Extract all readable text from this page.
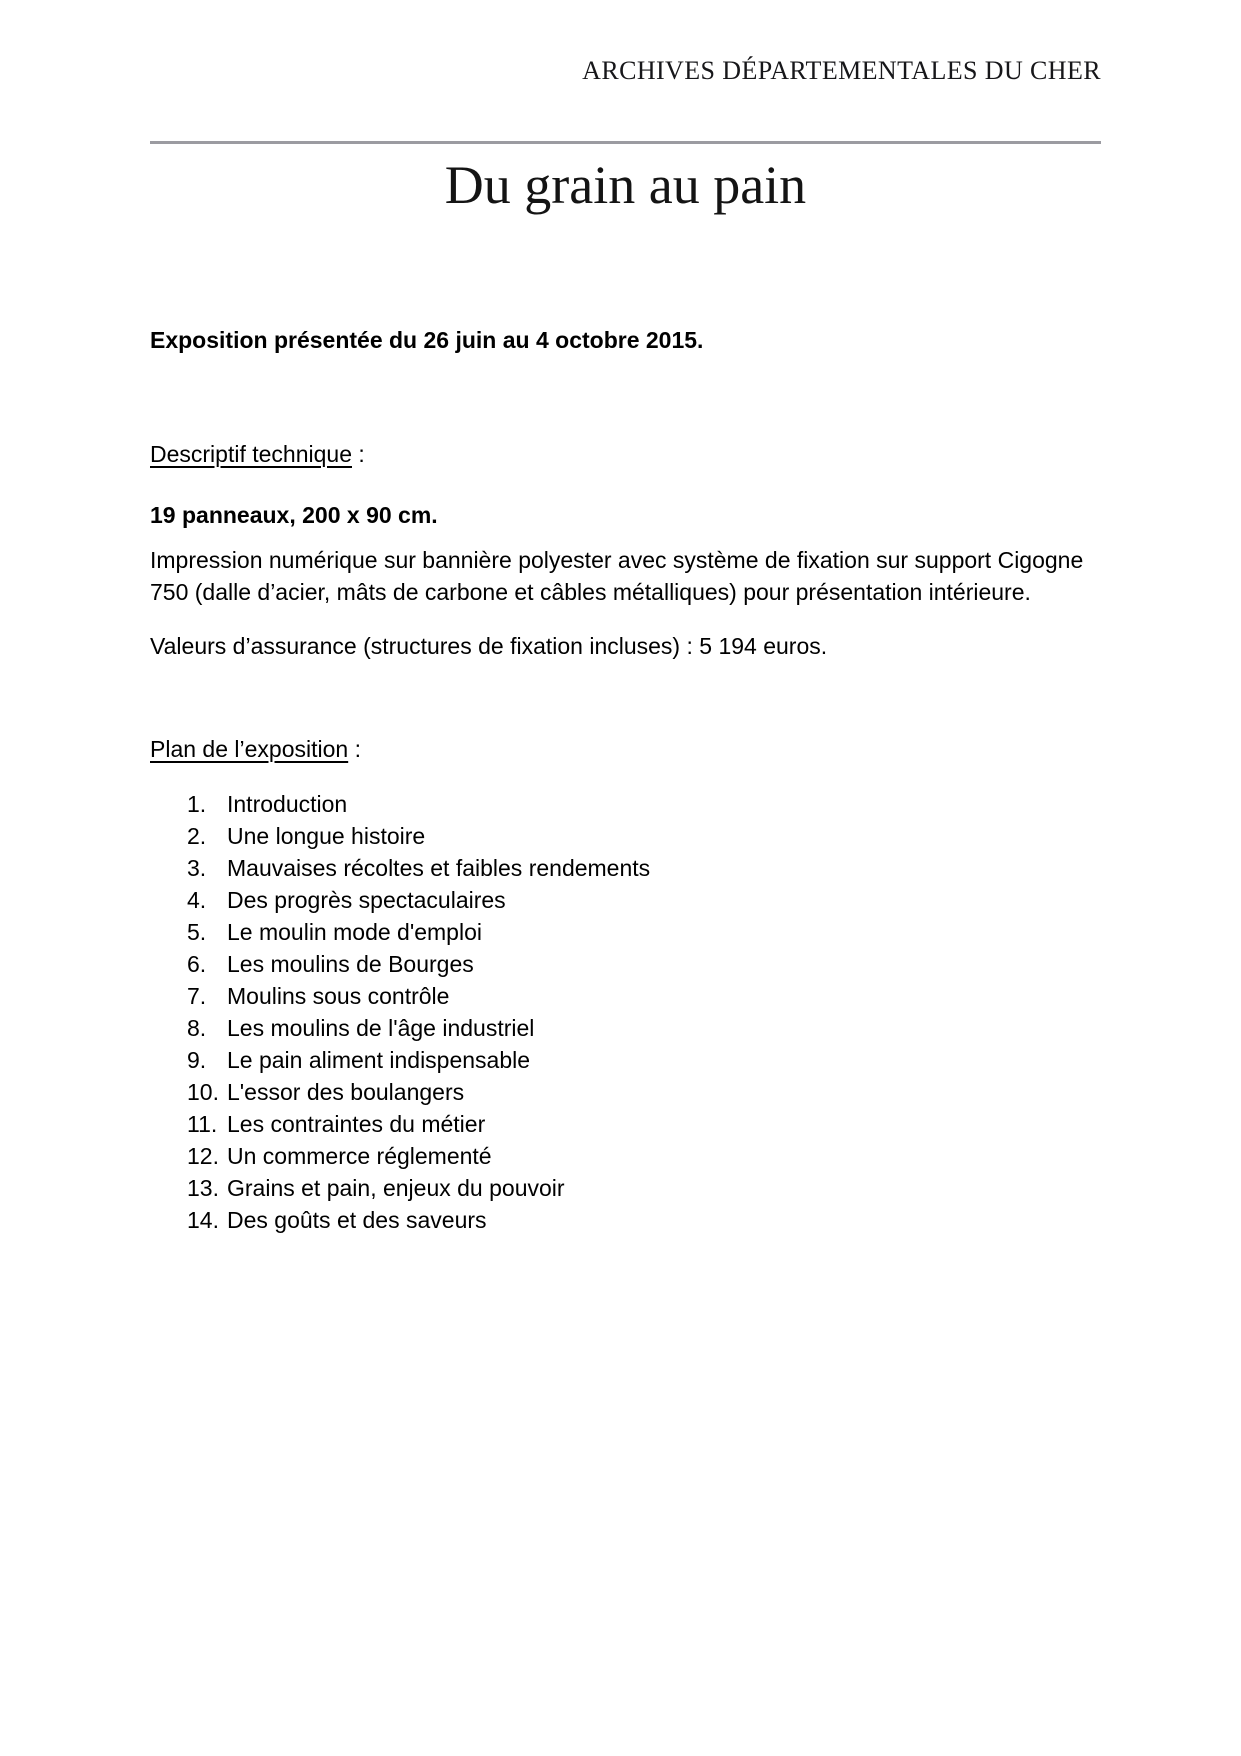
ARCHIVES DÉPARTEMENTALES DU CHER
Du grain au pain

Exposition présentée du 26 juin au 4 octobre 2015.

Descriptif technique :

19 panneaux, 200 x 90 cm.

Impression numérique sur bannière polyester avec système de fixation sur support Cigogne 750 (dalle d’acier, mâts de carbone et câbles métalliques) pour présentation intérieure.

Valeurs d’assurance (structures de fixation incluses) : 5 194 euros.

Plan de l’exposition :

1. Introduction
2. Une longue histoire
3. Mauvaises récoltes et faibles rendements
4. Des progrès spectaculaires
5. Le moulin mode d'emploi
6. Les moulins de Bourges
7. Moulins sous contrôle
8. Les moulins de l'âge industriel
9. Le pain aliment indispensable
10. L'essor des boulangers
11. Les contraintes du métier
12. Un commerce réglementé
13. Grains et pain, enjeux du pouvoir
14. Des goûts et des saveurs
